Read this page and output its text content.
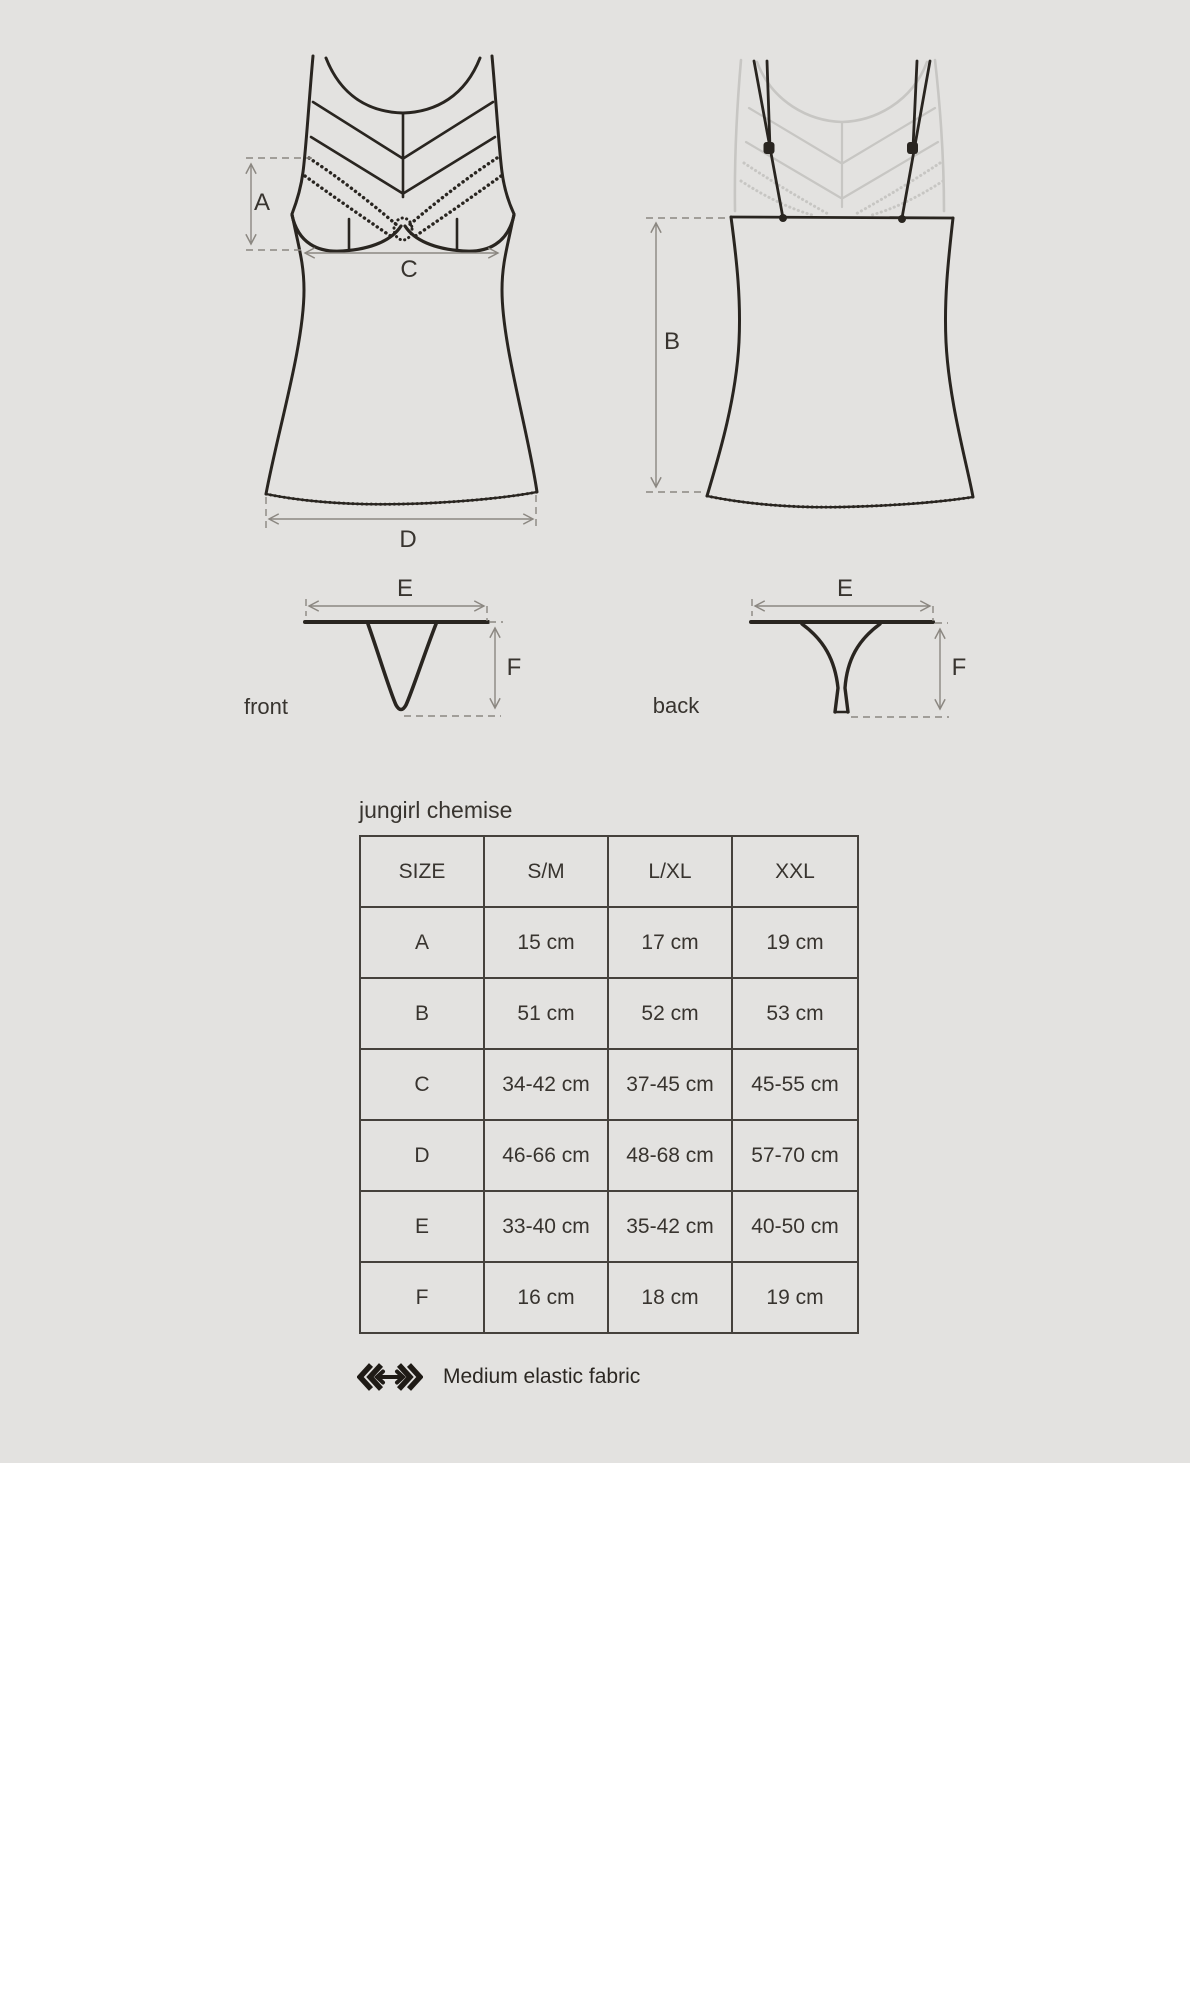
A
C
B
D
E
F
E
F
front	back
jungirl chemise
SIZE	S/M	L/XL	XXL
A	15 cm	17 cm	19 cm
B	51 cm	52 cm	53 cm
C	34-42 cm	37-45 cm	45-55 cm
D	46-66 cm	48-68 cm	57-70 cm
E	33-40 cm	35-42 cm	40-50 cm
F	16 cm	18 cm	19 cm
Medium elastic fabric
